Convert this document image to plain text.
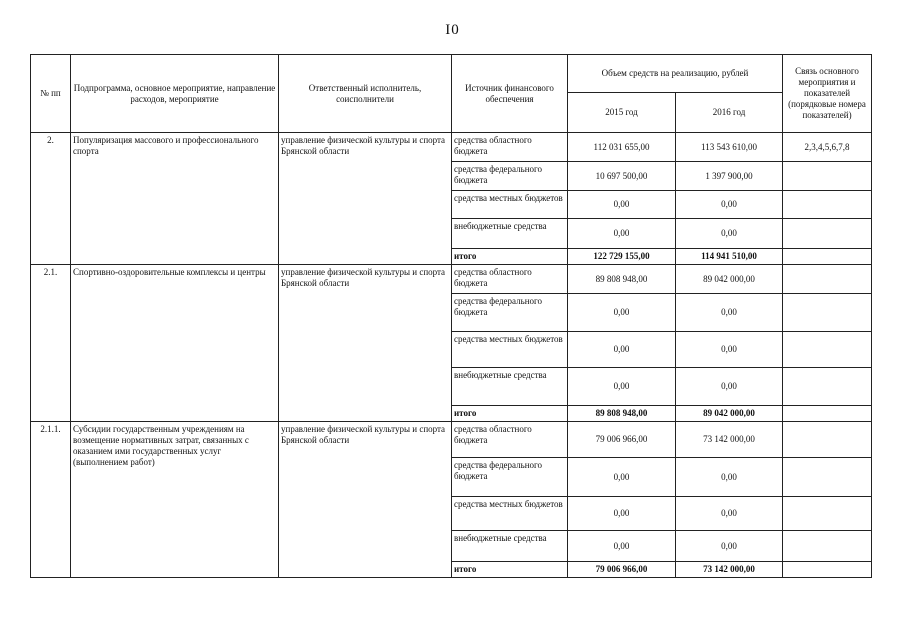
I0
№ пп	Подпрограмма, основное мероприятие, направление расходов, мероприятие	Ответственный исполнитель, соисполнители	Источник финансового обеспечения	Объем средств на реализацию, рублей		Связь основного мероприятия и показателей (порядковые номера показателей)
				2015 год	2016 год	
2.	Популяризация массового и профессионального спорта	управление физической культуры и спорта Брянской области	средства областного бюджета	112 031 655,00	113 543 610,00	2,3,4,5,6,7,8
			средства федерального бюджета	10 697 500,00	1 397 900,00	
			средства местных бюджетов	0,00	0,00	
			внебюджетные средства	0,00	0,00	
			итого	122 729 155,00	114 941 510,00	
2.1.	Спортивно-оздоровительные комплексы и центры	управление физической культуры и спорта Брянской области	средства областного бюджета	89 808 948,00	89 042 000,00	
			средства федерального бюджета	0,00	0,00	
			средства местных бюджетов	0,00	0,00	
			внебюджетные средства	0,00	0,00	
			итого	89 808 948,00	89 042 000,00	
2.1.1.	Субсидии государственным учреждениям на возмещение нормативных затрат, связанных с оказанием ими государственных услуг (выполнением работ)	управление физической культуры и спорта Брянской области	средства областного бюджета	79 006 966,00	73 142 000,00	
			средства федерального бюджета	0,00	0,00	
			средства местных бюджетов	0,00	0,00	
			внебюджетные средства	0,00	0,00	
			итого	79 006 966,00	73 142 000,00	
